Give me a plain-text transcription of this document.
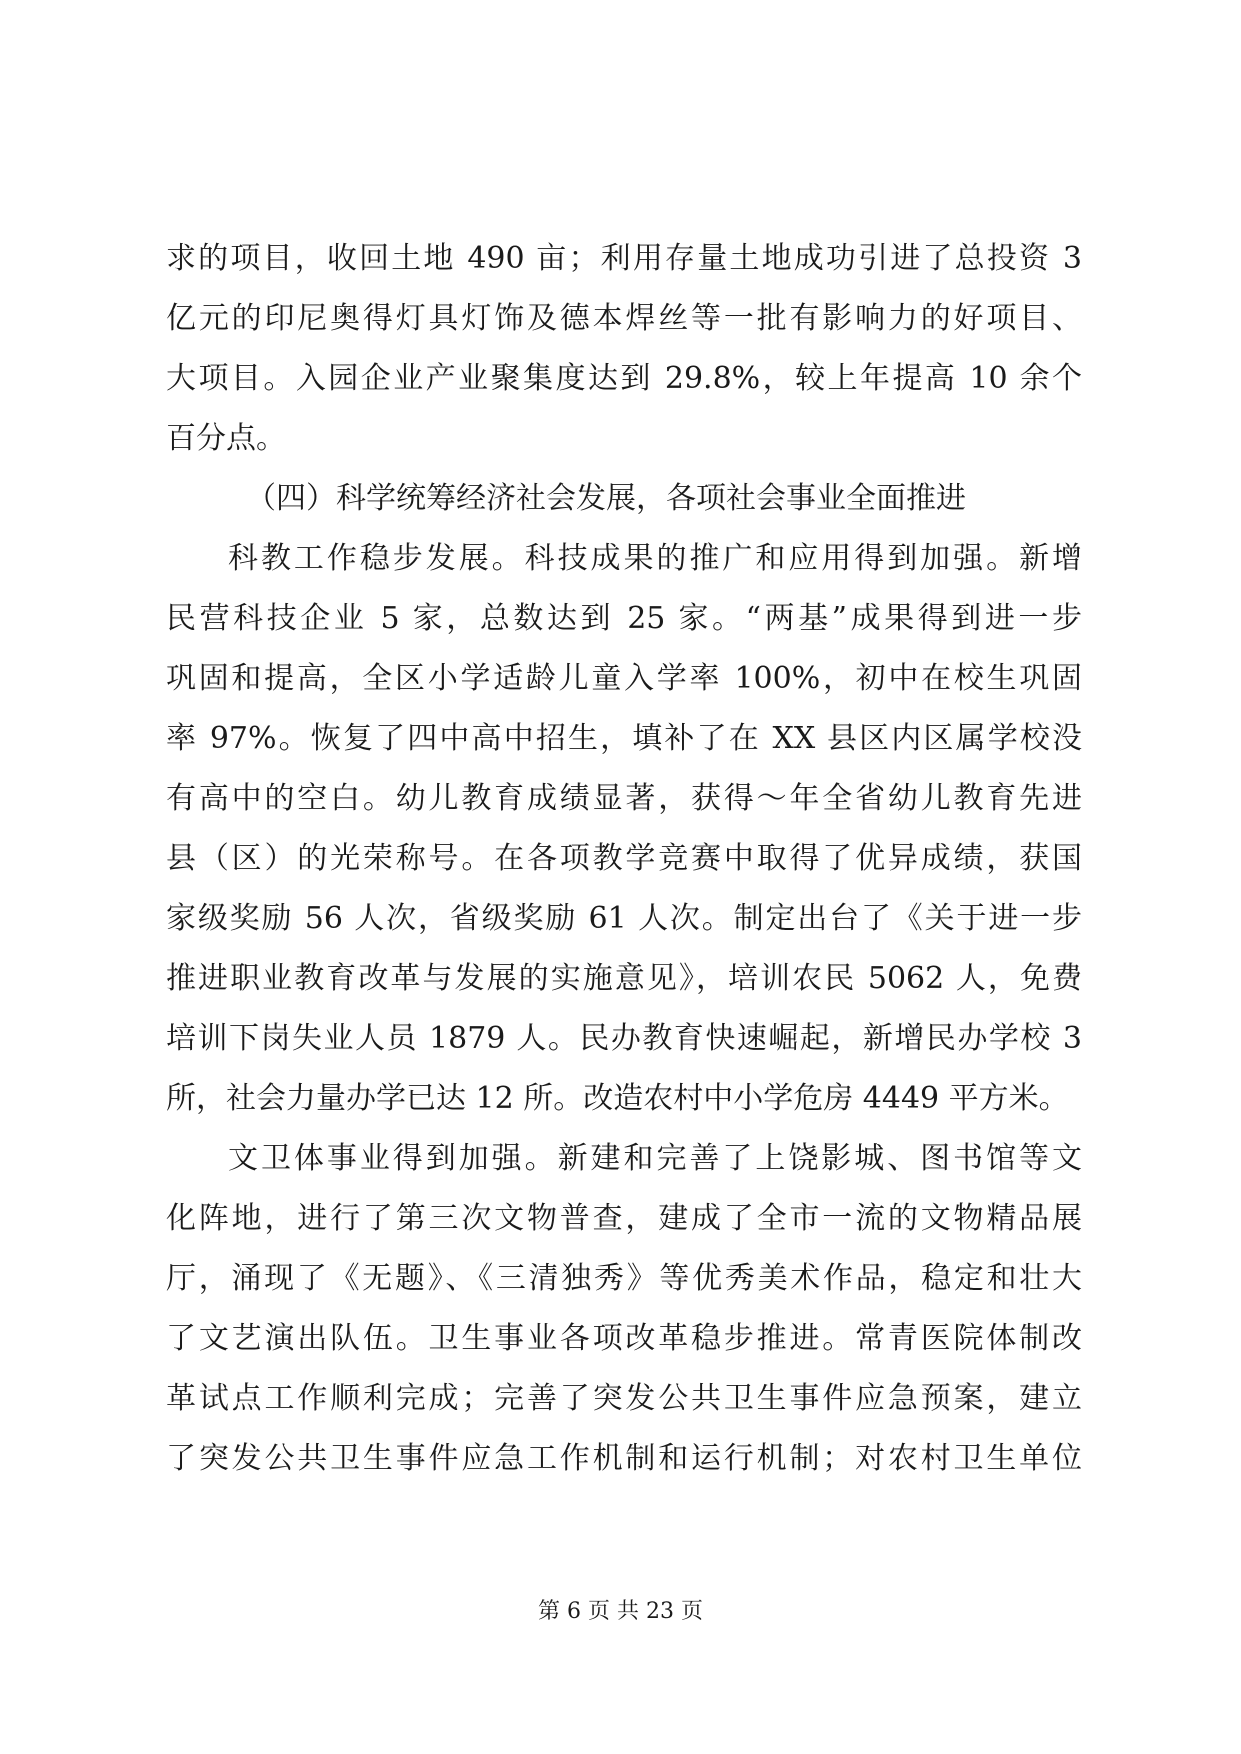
求的项目，收回土地 490 亩；利用存量土地成功引进了总投资 3
亿元的印尼奥得灯具灯饰及德本焊丝等一批有影响力的好项目、
大项目。入园企业产业聚集度达到 29.8%，较上年提高 10 余个
百分点。
（四）科学统筹经济社会发展，各项社会事业全面推进
科教工作稳步发展。科技成果的推广和应用得到加强。新增
民营科技企业 5 家，总数达到 25 家。“两基”成果得到进一步
巩固和提高，全区小学适龄儿童入学率 100%，初中在校生巩固
率 97%。恢复了四中高中招生，填补了在 XX 县区内区属学校没
有高中的空白。幼儿教育成绩显著，获得～年全省幼儿教育先进
县（区）的光荣称号。在各项教学竞赛中取得了优异成绩，获国
家级奖励 56 人次，省级奖励 61 人次。制定出台了《关于进一步
推进职业教育改革与发展的实施意见》，培训农民 5062 人，免费
培训下岗失业人员 1879 人。民办教育快速崛起，新增民办学校 3
所，社会力量办学已达 12 所。改造农村中小学危房 4449 平方米。
文卫体事业得到加强。新建和完善了上饶影城、图书馆等文
化阵地，进行了第三次文物普查，建成了全市一流的文物精品展
厅，涌现了《无题》、《三清独秀》等优秀美术作品，稳定和壮大
了文艺演出队伍。卫生事业各项改革稳步推进。常青医院体制改
革试点工作顺利完成；完善了突发公共卫生事件应急预案，建立
了突发公共卫生事件应急工作机制和运行机制；对农村卫生单位
第 6 页 共 23 页
